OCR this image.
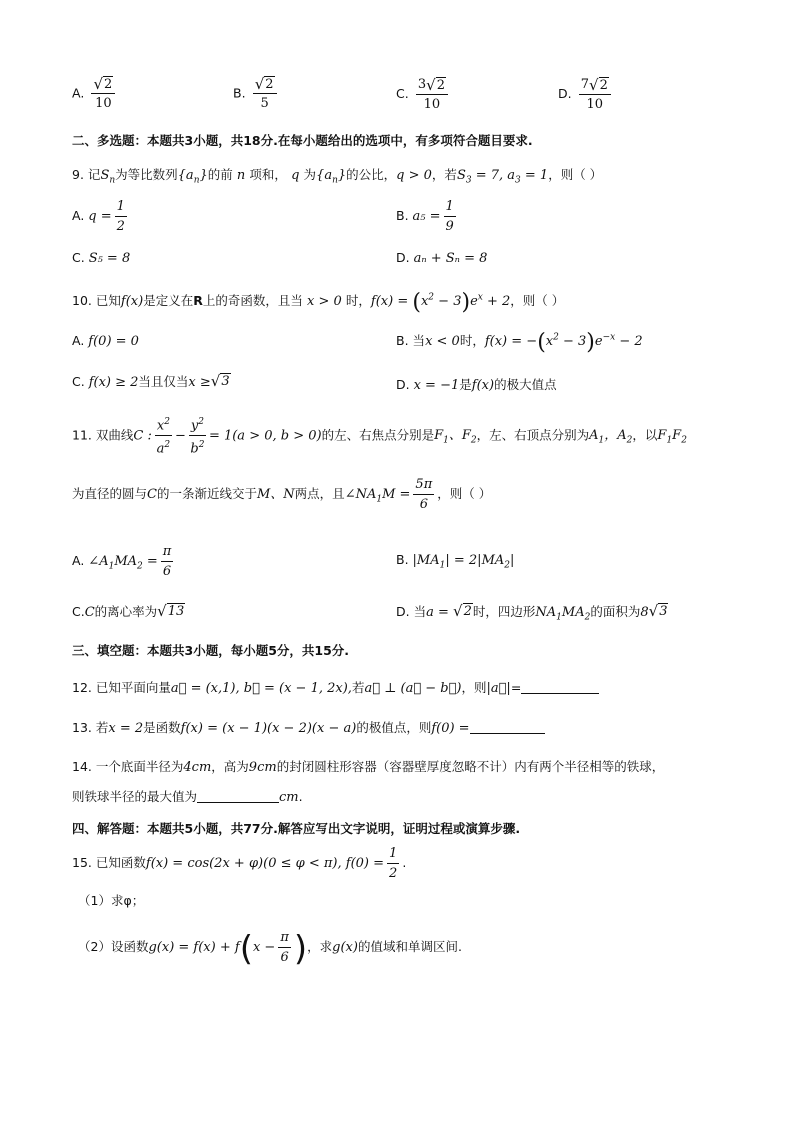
A. $\frac{√ 2}{10}$	B. $\frac{√ 2}{5}$	C. $\frac{3 √ 2}{10}$	D. $\frac{7 √ 2}{10}$
二、多选题：本题共3小题，共18分.在每小题给出的选项中，有多项符合题目要求.
9. 记$S_n$为等比数列$\{a_n\}$的前 n 项和， q 为$\{a_n\}$的公比，q > 0，若$S_3 = 7$, $a_3 = 1$，则（ ）
A. $q = \frac{1}{2}$	B. $a_5 = \frac{1}{9}$
C. S₅ = 8	D. aₙ + Sₙ = 8
10. 已知f(x)是定义在R上的奇函数，且当 x > 0 时，$f(x) = (x^2 - 3)e^x + 2$，则（ ）
A. f(0) = 0	B. 当x < 0时，$f(x) = -(x^2 - 3)e^{-x} - 2$
C. f(x) ≥ 2当且仅当x ≥ √ 3	D. x = −1是f(x)的极大值点
11. 双曲线C : $\frac{x^2}{a^2} - \frac{y^2}{b^2} = 1(a > 0$, b > 0)的左、右焦点分别是$F_1$、$F_2$，左、右顶点分别为$A_1$，$A_2$，以$F_1F_2$
为直径的圆与C的一条渐近线交于M、N两点，且$\angle NA_1M = \frac{5\pi}{6}$ ，则（ ）
A. $\angle A_1MA_2 = \frac{\pi}{6}$	B. $|MA_1| = 2|MA_2|$
C.C的离心率为 √ 13	D. 当a = √ 2 时，四边形$NA_1MA_2$的面积为8 √ 3
三、填空题：本题共3小题，每小题5分，共15分.
12. 已知平面向量a⃗ = (x,1), b⃗ = (x − 1, 2x),若a⃗ ⊥ (a⃗ − b⃗)，则|a⃗|=
13. 若x = 2是函数f(x) = (x − 1)(x − 2)(x − a)的极值点，则f(0) =
14. 一个底面半径为4cm，高为9cm的封闭圆柱形容器（容器壁厚度忽略不计）内有两个半径相等的铁球，
则铁球半径的最大值为	cm.
四、解答题：本题共5小题，共77分.解答应写出文字说明，证明过程或演算步骤.
15. 已知函数f(x) = cos(2x + φ)(0 ≤ φ < π), $f(0) = \frac{1}{2}$ .
（1）求φ；
（2）设函数$g(x) = f(x) + f(x - \frac{\pi}{6}$ )，求g(x)的值域和单调区间.
